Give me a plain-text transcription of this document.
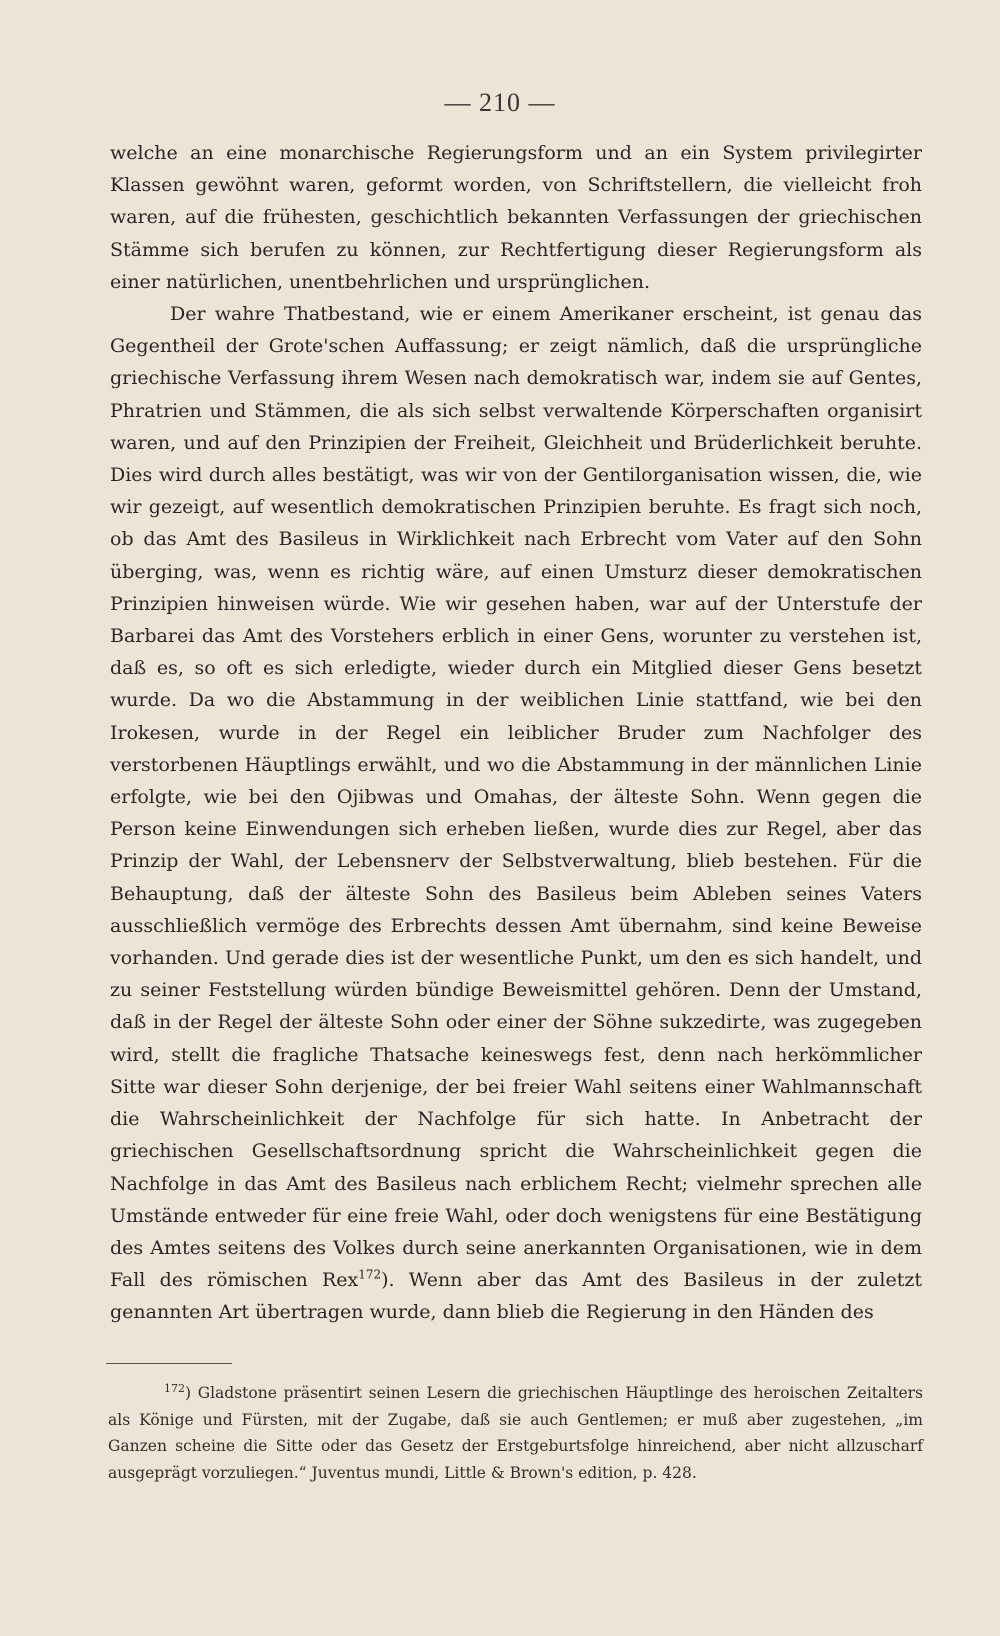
— 210 —

welche an eine monarchische Regierungsform und an ein System privilegirter Klassen gewöhnt waren, geformt worden, von Schriftstellern, die vielleicht froh waren, auf die frühesten, geschichtlich bekannten Verfassungen der griechischen Stämme sich berufen zu können, zur Rechtfertigung dieser Regierungsform als einer natürlichen, unentbehrlichen und ursprünglichen.

Der wahre Thatbestand, wie er einem Amerikaner erscheint, ist genau das Gegentheil der Grote'schen Auffassung; er zeigt nämlich, daß die ursprüngliche griechische Verfassung ihrem Wesen nach demokratisch war, indem sie auf Gentes, Phratrien und Stämmen, die als sich selbst verwaltende Körperschaften organisirt waren, und auf den Prinzipien der Freiheit, Gleichheit und Brüderlichkeit beruhte. Dies wird durch alles bestätigt, was wir von der Gentilorganisation wissen, die, wie wir gezeigt, auf wesentlich demokratischen Prinzipien beruhte. Es fragt sich noch, ob das Amt des Basileus in Wirklichkeit nach Erbrecht vom Vater auf den Sohn überging, was, wenn es richtig wäre, auf einen Umsturz dieser demokratischen Prinzipien hinweisen würde. Wie wir gesehen haben, war auf der Unterstufe der Barbarei das Amt des Vorstehers erblich in einer Gens, worunter zu verstehen ist, daß es, so oft es sich erledigte, wieder durch ein Mitglied dieser Gens besetzt wurde. Da wo die Abstammung in der weiblichen Linie stattfand, wie bei den Irokesen, wurde in der Regel ein leiblicher Bruder zum Nachfolger des verstorbenen Häuptlings erwählt, und wo die Abstammung in der männlichen Linie erfolgte, wie bei den Ojibwas und Omahas, der älteste Sohn. Wenn gegen die Person keine Einwendungen sich erheben ließen, wurde dies zur Regel, aber das Prinzip der Wahl, der Lebensnerv der Selbstverwaltung, blieb bestehen. Für die Behauptung, daß der älteste Sohn des Basileus beim Ableben seines Vaters ausschließlich vermöge des Erbrechts dessen Amt übernahm, sind keine Beweise vorhanden. Und gerade dies ist der wesentliche Punkt, um den es sich handelt, und zu seiner Feststellung würden bündige Beweismittel gehören. Denn der Umstand, daß in der Regel der älteste Sohn oder einer der Söhne sukzedirte, was zugegeben wird, stellt die fragliche Thatsache keineswegs fest, denn nach herkömmlicher Sitte war dieser Sohn derjenige, der bei freier Wahl seitens einer Wahlmannschaft die Wahrscheinlichkeit der Nachfolge für sich hatte. In Anbetracht der griechischen Gesellschaftsordnung spricht die Wahrscheinlichkeit gegen die Nachfolge in das Amt des Basileus nach erblichem Recht; vielmehr sprechen alle Umstände entweder für eine freie Wahl, oder doch wenigstens für eine Bestätigung des Amtes seitens des Volkes durch seine anerkannten Organisationen, wie in dem Fall des römischen Rex$^{172}$). Wenn aber das Amt des Basileus in der zuletzt genannten Art übertragen wurde, dann blieb die Regierung in den Händen des

$^{172}$) Gladstone präsentirt seinen Lesern die griechischen Häuptlinge des heroischen Zeitalters als Könige und Fürsten, mit der Zugabe, daß sie auch Gentlemen; er muß aber zugestehen, „im Ganzen scheine die Sitte oder das Gesetz der Erstgeburtsfolge hinreichend, aber nicht allzuscharf ausgeprägt vorzuliegen.“ Juventus mundi, Little & Brown's edition, p. 428.
